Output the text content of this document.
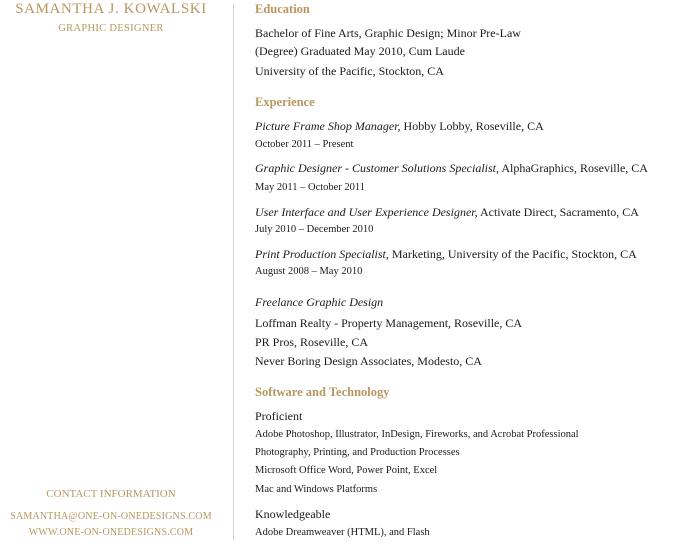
SAMANTHA J. KOWALSKI
GRAPHIC DESIGNER
CONTACT INFORMATION
SAMANTHA@ONE-ON-ONEDESIGNS.COM
WWW.ONE-ON-ONEDESIGNS.COM
Education
Bachelor of Fine Arts, Graphic Design; Minor Pre-Law
(Degree) Graduated May 2010, Cum Laude
University of the Pacific, Stockton, CA
Experience
Picture Frame Shop Manager, Hobby Lobby, Roseville, CA
October 2011 – Present
Graphic Designer - Customer Solutions Specialist, AlphaGraphics, Roseville, CA
May 2011 – October 2011
User Interface and User Experience Designer, Activate Direct, Sacramento, CA
July 2010 – December 2010
Print Production Specialist, Marketing, University of the Pacific, Stockton, CA
August 2008 – May 2010
Freelance Graphic Design
Loffman Realty - Property Management, Roseville, CA
PR Pros, Roseville, CA
Never Boring Design Associates, Modesto, CA
Software and Technology
Proficient
Adobe Photoshop, Illustrator, InDesign, Fireworks, and Acrobat Professional
Photography, Printing, and Production Processes
Microsoft Office Word, Power Point, Excel
Mac and Windows Platforms
Knowledgeable
Adobe Dreamweaver (HTML), and Flash
